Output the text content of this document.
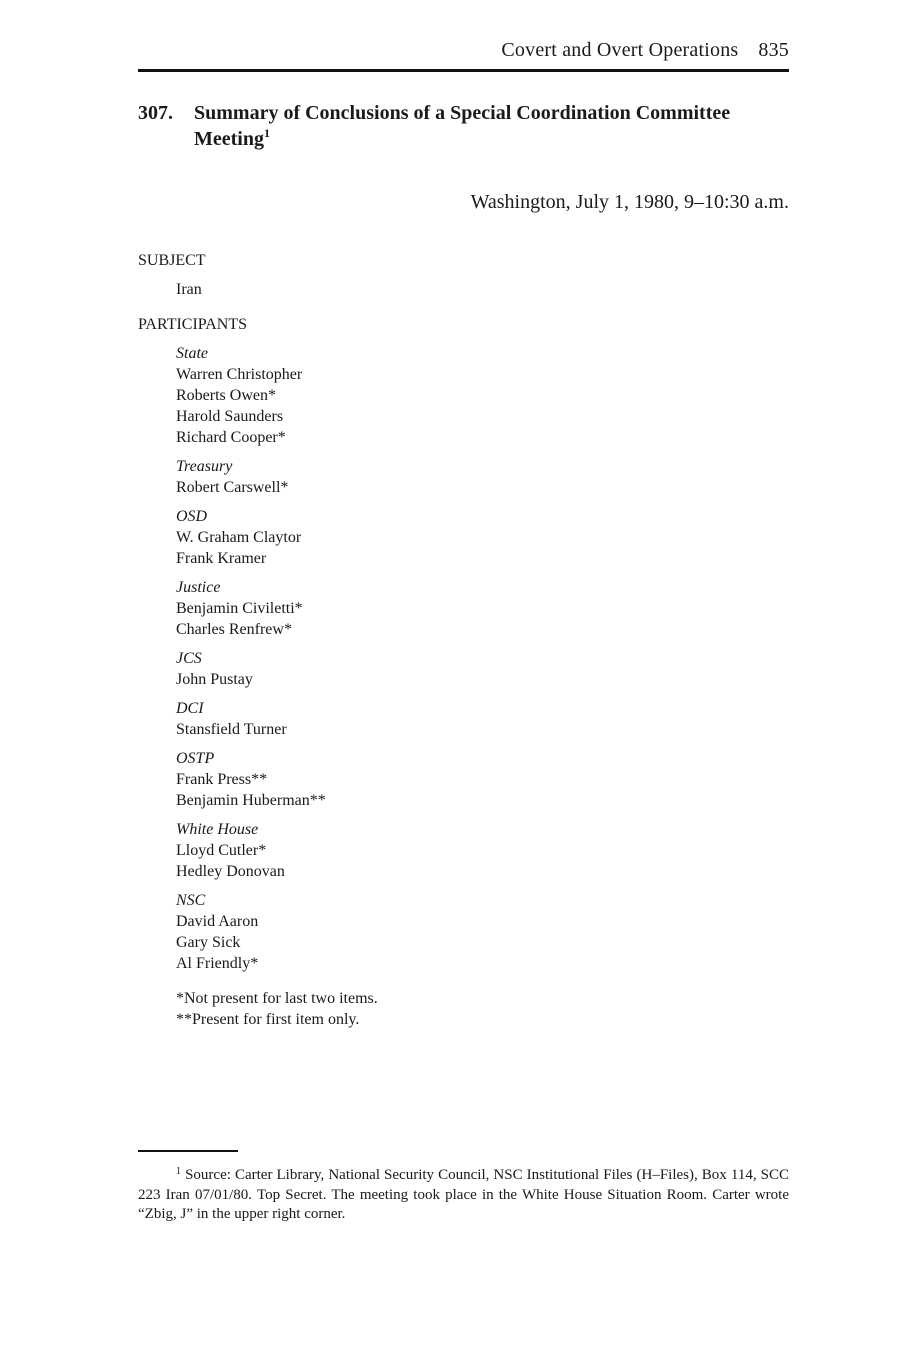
Covert and Overt Operations 835
307. Summary of Conclusions of a Special Coordination Committee Meeting$^1$
Washington, July 1, 1980, 9–10:30 a.m.
SUBJECT
Iran
PARTICIPANTS
State
Warren Christopher
Roberts Owen*
Harold Saunders
Richard Cooper*
Treasury
Robert Carswell*
OSD
W. Graham Claytor
Frank Kramer
Justice
Benjamin Civiletti*
Charles Renfrew*
JCS
John Pustay
DCI
Stansfield Turner
OSTP
Frank Press**
Benjamin Huberman**
White House
Lloyd Cutler*
Hedley Donovan
NSC
David Aaron
Gary Sick
Al Friendly*
*Not present for last two items.
**Present for first item only.
$^1$ Source: Carter Library, National Security Council, NSC Institutional Files (H–Files), Box 114, SCC 223 Iran 07/01/80. Top Secret. The meeting took place in the White House Situation Room. Carter wrote “Zbig, J” in the upper right corner.
